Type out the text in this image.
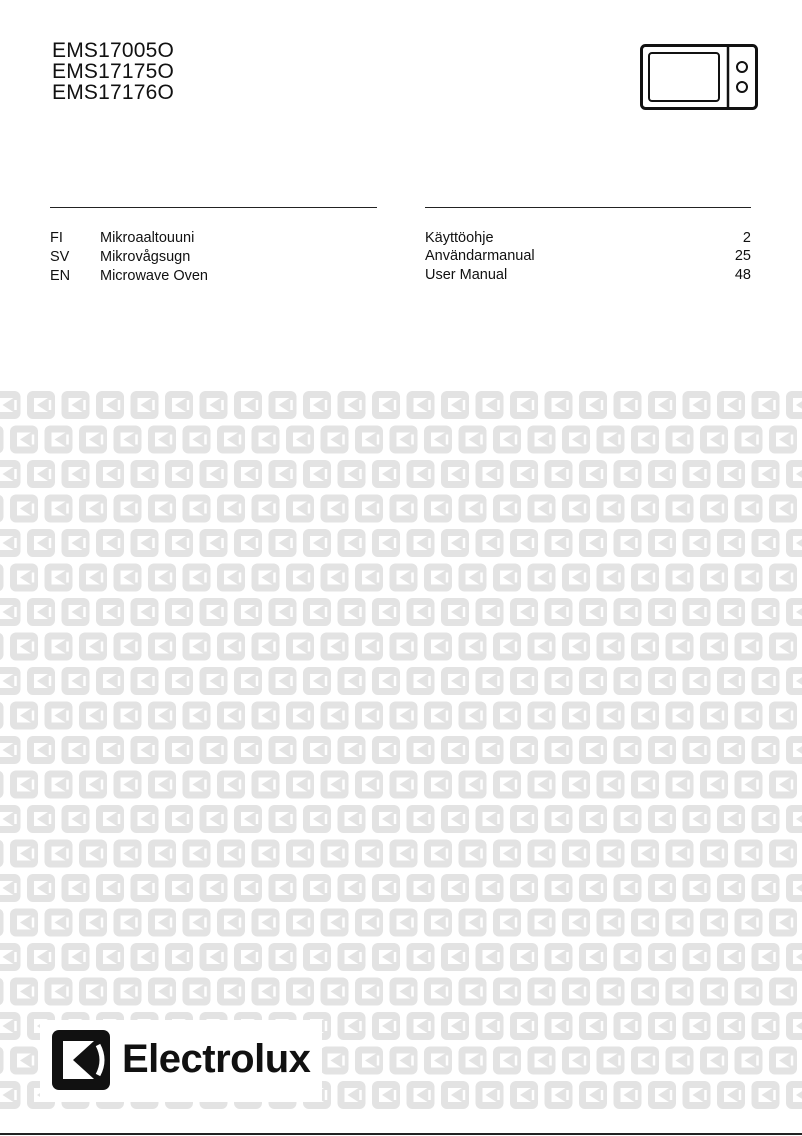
EMS17005O
EMS17175O
EMS17176O
FI	Mikroaaltouuni
SV	Mikrovågsugn
EN	Microwave Oven
Käyttöohje	2
Användarmanual	25
User Manual	48
Electrolux
